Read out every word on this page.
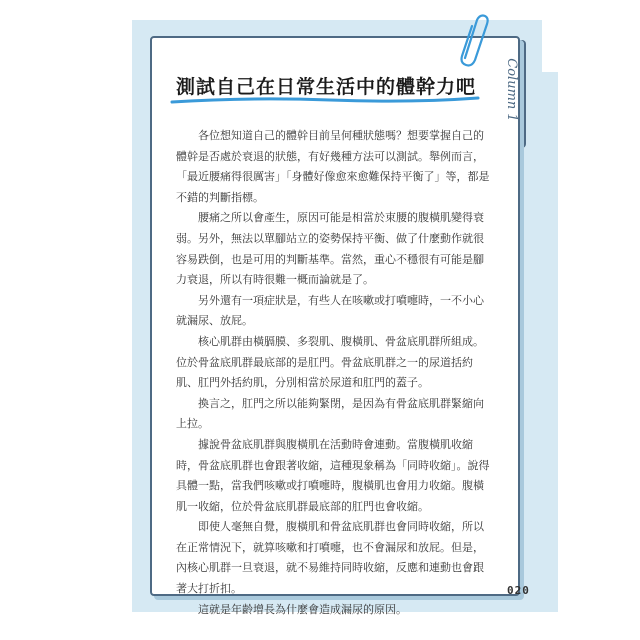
Column 1
測試自己在日常生活中的體幹力吧

各位想知道自己的體幹目前呈何種狀態嗎？想要掌握自己的體幹是否處於衰退的狀態，有好幾種方法可以測試。舉例而言，「最近腰痛得很厲害」「身體好像愈來愈難保持平衡了」等，都是不錯的判斷指標。

腰痛之所以會產生，原因可能是相當於束腰的腹橫肌變得衰弱。另外，無法以單腳站立的姿勢保持平衡、做了什麼動作就很容易跌倒，也是可用的判斷基準。當然，重心不穩很有可能是腳力衰退，所以有時很難一概而論就是了。

另外還有一項症狀是，有些人在咳嗽或打噴嚏時，一不小心就漏尿、放屁。

核心肌群由橫膈膜、多裂肌、腹橫肌、骨盆底肌群所組成。位於骨盆底肌群最底部的是肛門。骨盆底肌群之一的尿道括約肌、肛門外括約肌，分別相當於尿道和肛門的蓋子。

換言之，肛門之所以能夠緊閉，是因為有骨盆底肌群緊縮向上拉。

據說骨盆底肌群與腹橫肌在活動時會連動。當腹橫肌收縮時，骨盆底肌群也會跟著收縮，這種現象稱為「同時收縮」。說得具體一點，當我們咳嗽或打噴嚏時，腹橫肌也會用力收縮。腹橫肌一收縮，位於骨盆底肌群最底部的肛門也會收縮。

即使人毫無自覺，腹橫肌和骨盆底肌群也會同時收縮，所以在正常情況下，就算咳嗽和打噴嚏，也不會漏尿和放屁。但是，內核心肌群一旦衰退，就不易維持同時收縮，反應和連動也會跟著大打折扣。

這就是年齡增長為什麼會造成漏尿的原因。

020
